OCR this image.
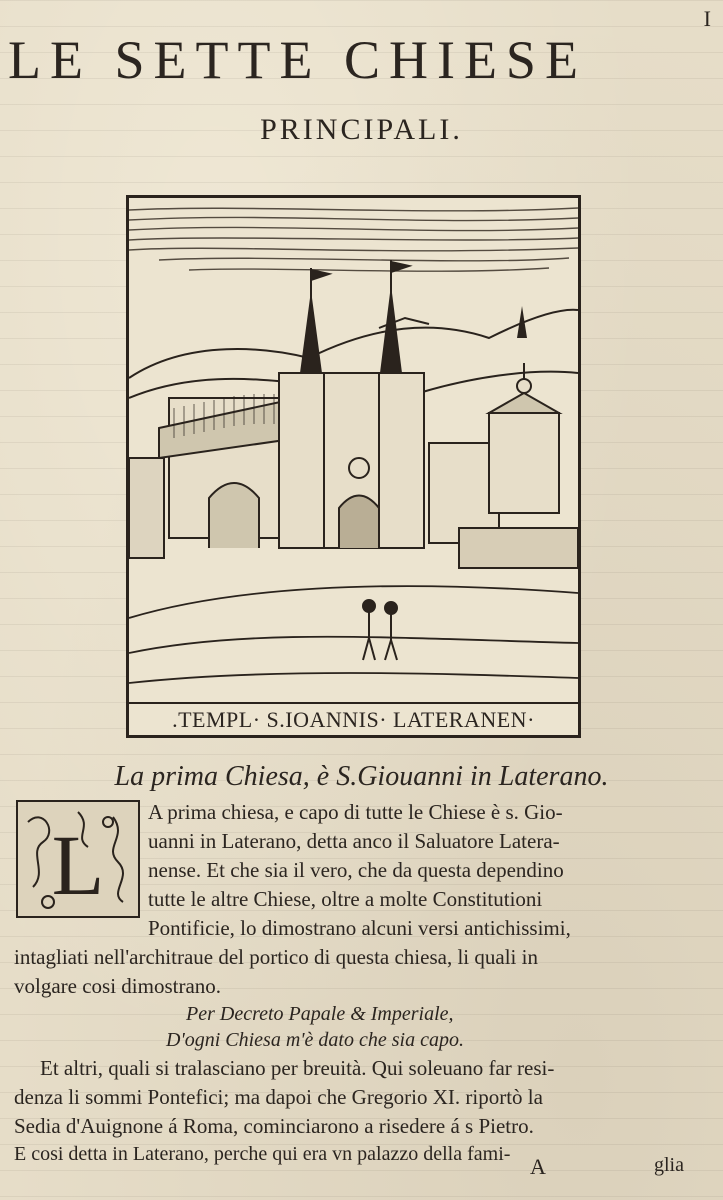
I
LE SETTE CHIESE
PRINCIPALI.
.TEMPL· S.IOANNIS· LATERANEN·
La prima Chiesa, è S.Giouanni in Laterano.
L
A prima chiesa, e capo di tutte le Chiese è s. Gio-
uanni in Laterano, detta anco il Saluatore Latera-
nense. Et che sia il vero, che da questa dependino
tutte le altre Chiese, oltre a molte Constitutioni
Pontificie, lo dimostrano alcuni versi antichissimi,
intagliati nell'architraue del portico di questa chiesa, li quali in
volgare cosi dimostrano.
Per Decreto Papale & Imperiale,
D'ogni Chiesa m'è dato che sia capo.
Et altri, quali si tralasciano per breuità. Qui soleuano far resi-
denza li sommi Pontefici; ma dapoi che Gregorio XI. riportò la
Sedia d'Auignone á Roma, cominciarono a risedere á s Pietro.
E cosi detta in Laterano, perche qui era vn palazzo della fami- A	glia
